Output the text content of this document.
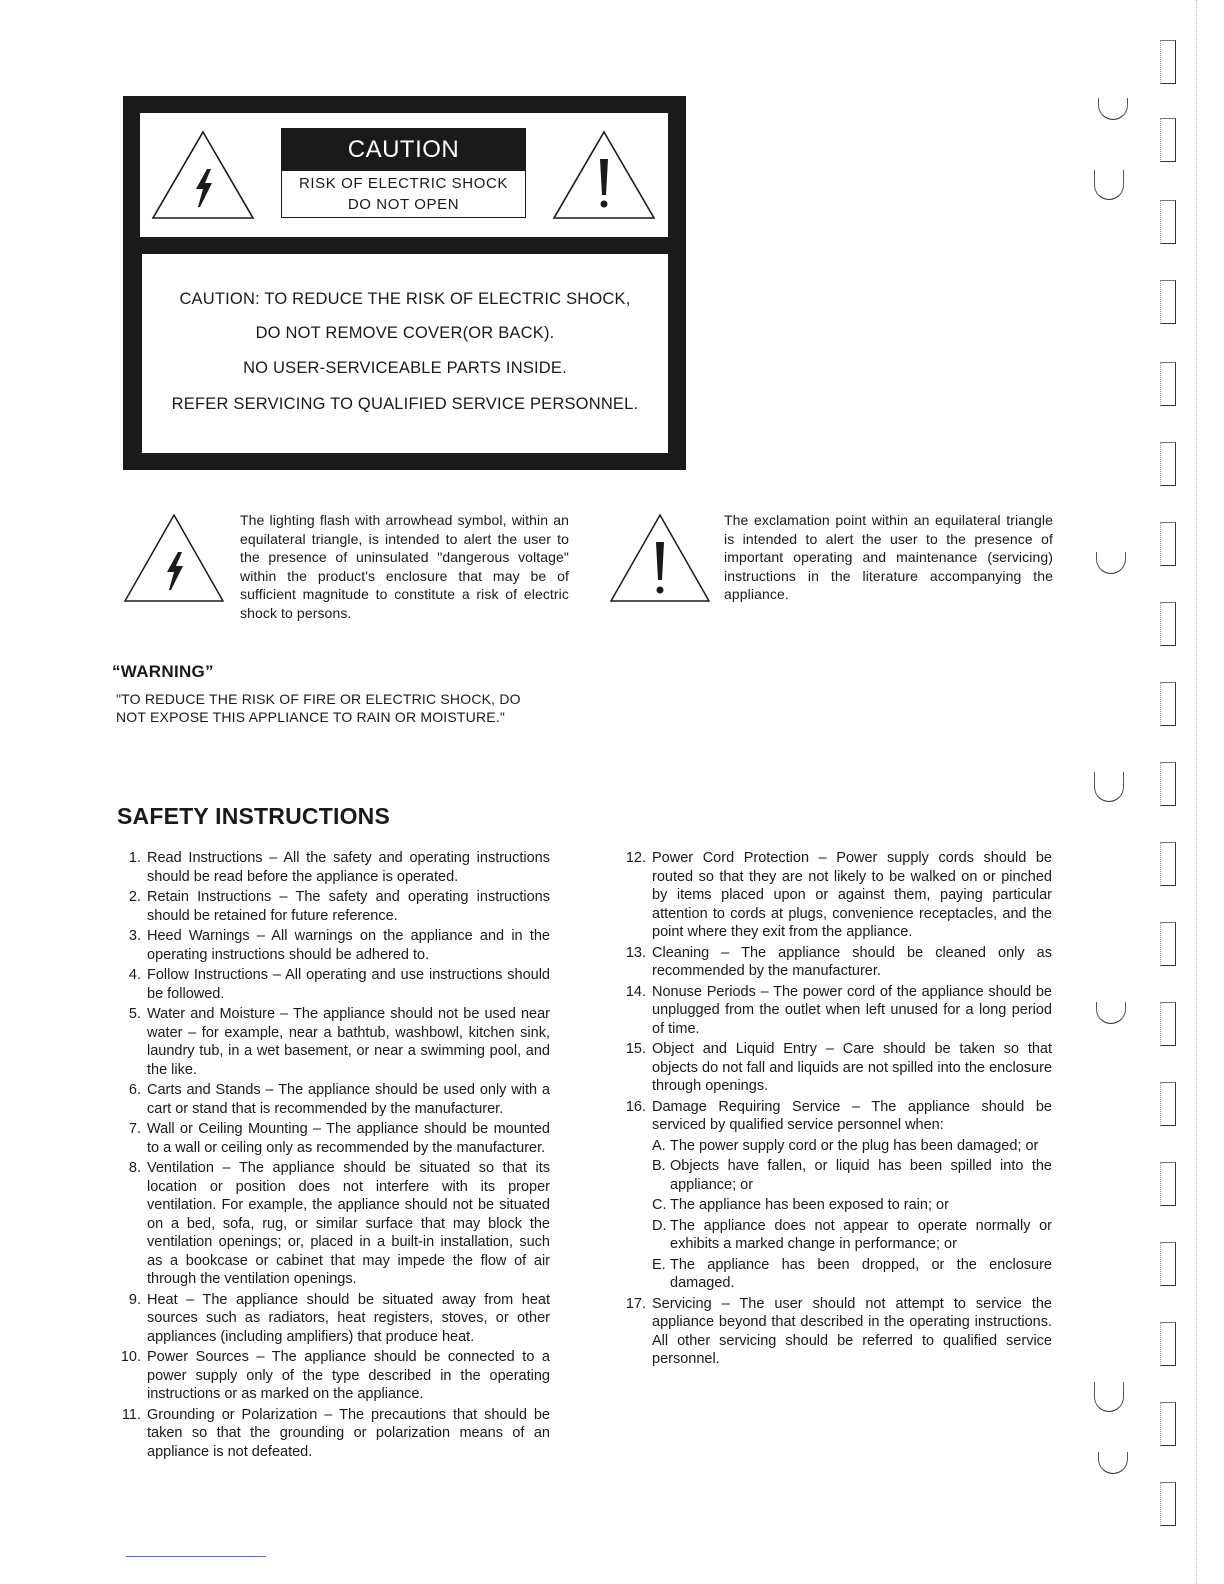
CAUTION
RISK OF ELECTRIC SHOCK
DO NOT OPEN
CAUTION: TO REDUCE THE RISK OF ELECTRIC SHOCK,
DO NOT REMOVE COVER(OR BACK).
NO USER-SERVICEABLE PARTS INSIDE.
REFER SERVICING TO QUALIFIED SERVICE PERSONNEL.
The lighting flash with arrowhead symbol, within an equilateral triangle, is intended to alert the user to the presence of uninsulated "dangerous voltage" within the product's enclosure that may be of sufficient magnitude to constitute a risk of electric shock to persons.
The exclamation point within an equilateral triangle is intended to alert the user to the presence of important operating and maintenance (servicing) instructions in the literature accompanying the appliance.
“WARNING”
"TO REDUCE THE RISK OF FIRE OR ELECTRIC SHOCK, DO NOT EXPOSE THIS APPLIANCE TO RAIN OR MOISTURE."
SAFETY INSTRUCTIONS
1. Read Instructions – All the safety and operating instructions should be read before the appliance is operated.
2. Retain Instructions – The safety and operating instructions should be retained for future reference.
3. Heed Warnings – All warnings on the appliance and in the operating instructions should be adhered to.
4. Follow Instructions – All operating and use instructions should be followed.
5. Water and Moisture – The appliance should not be used near water – for example, near a bathtub, washbowl, kitchen sink, laundry tub, in a wet basement, or near a swimming pool, and the like.
6. Carts and Stands – The appliance should be used only with a cart or stand that is recommended by the manufacturer.
7. Wall or Ceiling Mounting – The appliance should be mounted to a wall or ceiling only as recommended by the manufacturer.
8. Ventilation – The appliance should be situated so that its location or position does not interfere with its proper ventilation. For example, the appliance should not be situated on a bed, sofa, rug, or similar surface that may block the ventilation openings; or, placed in a built-in installation, such as a bookcase or cabinet that may impede the flow of air through the ventilation openings.
9. Heat – The appliance should be situated away from heat sources such as radiators, heat registers, stoves, or other appliances (including amplifiers) that produce heat.
10. Power Sources – The appliance should be connected to a power supply only of the type described in the operating instructions or as marked on the appliance.
11. Grounding or Polarization – The precautions that should be taken so that the grounding or polarization means of an appliance is not defeated.
12. Power Cord Protection – Power supply cords should be routed so that they are not likely to be walked on or pinched by items placed upon or against them, paying particular attention to cords at plugs, convenience receptacles, and the point where they exit from the appliance.
13. Cleaning – The appliance should be cleaned only as recommended by the manufacturer.
14. Nonuse Periods – The power cord of the appliance should be unplugged from the outlet when left unused for a long period of time.
15. Object and Liquid Entry – Care should be taken so that objects do not fall and liquids are not spilled into the enclosure through openings.
16. Damage Requiring Service – The appliance should be serviced by qualified service personnel when:
A. The power supply cord or the plug has been damaged; or
B. Objects have fallen, or liquid has been spilled into the appliance; or
C. The appliance has been exposed to rain; or
D. The appliance does not appear to operate normally or exhibits a marked change in performance; or
E. The appliance has been dropped, or the enclosure damaged.
17. Servicing – The user should not attempt to service the appliance beyond that described in the operating instructions. All other servicing should be referred to qualified service personnel.
